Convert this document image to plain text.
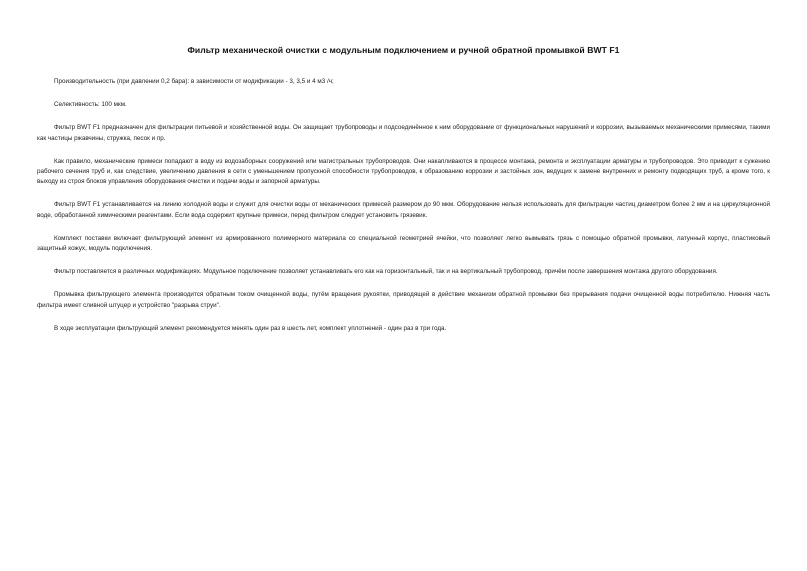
Фильтр механической очистки с модульным подключением и ручной обратной промывкой BWT F1

Производительность (при давлении 0,2 бара): в зависимости от модификации - 3, 3,5 и 4 м3 /ч;

Селективность: 100 мкм.

Фильтр BWT F1 предназначен для фильтрации питьевой и хозяйственной воды. Он защищает трубопроводы и подсоединённое к ним оборудование от функциональных нарушений и коррозии, вызываемых механическими примесями, такими как частицы ржавчины, стружка, песок и пр.

Как правило, механические примеси попадают в воду из водозаборных сооружений или магистральных трубопроводов. Они накапливаются в процессе монтажа, ремонта и эксплуатации арматуры и трубопроводов. Это приводит к сужению рабочего сечения труб и, как следствие, увеличению давления в сети с уменьшением пропускной способности трубопроводов, к образованию коррозии и застойных зон, ведущих к замене внутренних и ремонту подводящих труб, а кроме того, к выходу из строя блоков управления оборудования очистки и подачи воды и запорной арматуры.

Фильтр BWT F1 устанавливается на линию холодной воды и служит для очистки воды от механических примесей размером до 90 мкм. Оборудование нельзя использовать для фильтрации частиц диаметром более 2 мм и на циркуляционной воде, обработанной химическими реагентами. Если вода содержит крупные примеси, перед фильтром следует установить грязевик.

Комплект поставки включает фильтрующий элемент из армированного полимерного материала со специальной геометрией ячейки, что позволяет легко вымывать грязь с помощью обратной промывки, латунный корпус, пластиковый защитный кожух, модуль подключения.

Фильтр поставляется в различных модификациях. Модульное подключение позволяет устанавливать его как на горизонтальный, так и на вертикальный трубопровод, причём после завершения монтажа другого оборудования.

Промывка фильтрующего элемента производится обратным током очищенной воды, путём вращения рукоятки, приводящей в действие механизм обратной промывки без прерывания подачи очищенной воды потребителю. Нижняя часть фильтра имеет сливной штуцер и устройство "разрыва струи".

В ходе эксплуатации фильтрующий элемент рекомендуется менять один раз в шесть лет, комплект уплотнений - один раз в три года.
